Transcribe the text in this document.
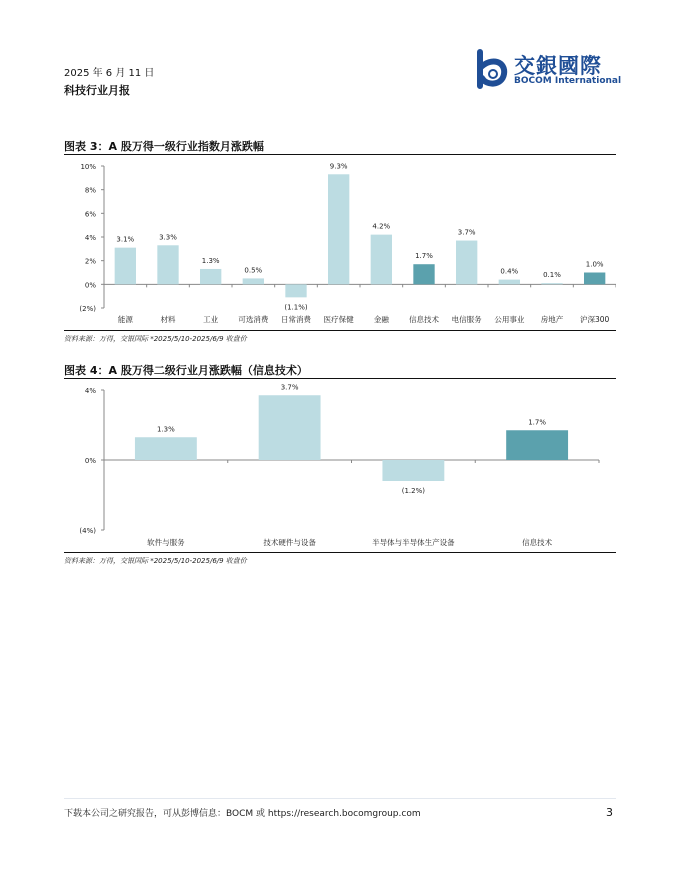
2025 年 6 月 11 日
科技行业月报
交銀國際
BOCOM International
图表 3：A 股万得一级行业指数月涨跌幅
10%
8%
6%
4%
2%
0%
(2%)
3.1%
能源
3.3%
材料
1.3%
工业
0.5%
可选消费
(1.1%)
日常消费
9.3%
医疗保健
4.2%
金融
1.7%
信息技术
3.7%
电信服务
0.4%
公用事业
0.1%
房地产
1.0%
沪深300
资料来源：万得，交银国际 *2025/5/10-2025/6/9 收盘价
图表 4：A 股万得二级行业月涨跌幅（信息技术）
4%
0%
(4%)
1.3%
软件与服务
3.7%
技术硬件与设备
(1.2%)
半导体与半导体生产设备
1.7%
信息技术
资料来源：万得，交银国际 *2025/5/10-2025/6/9 收盘价
下载本公司之研究报告，可从彭博信息：BOCM 或 https://research.bocomgroup.com	3
